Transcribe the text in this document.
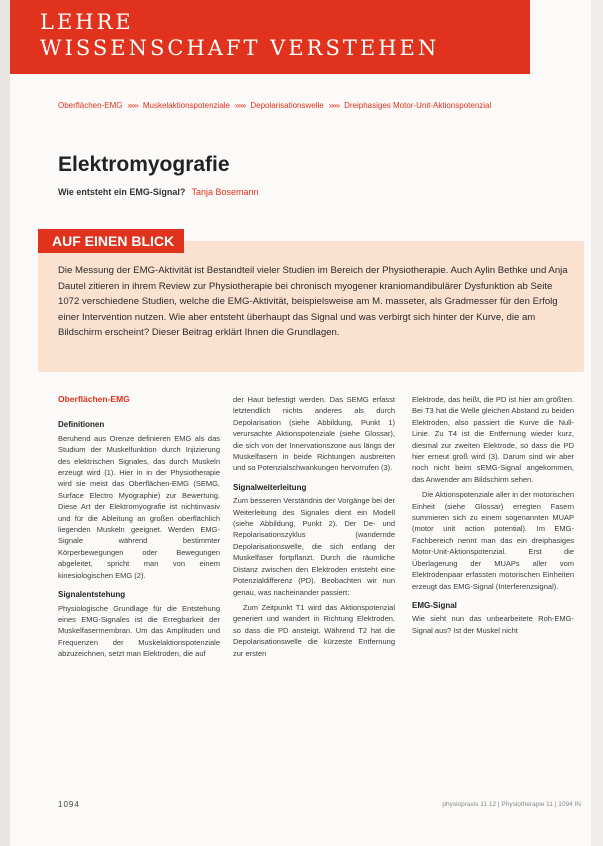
LEHRE
WISSENSCHAFT VERSTEHEN
Oberflächen-EMG »»» Muskelaktionspotenziale »»» Depolarisationswelle »»» Dreiphasiges Motor-Unit-Aktionspotenzial
Elektromyografie
Wie entsteht ein EMG-Signal? Tanja Bosemann
AUF EINEN BLICK

Die Messung der EMG-Aktivität ist Bestandteil vieler Studien im Bereich der Physiotherapie. Auch Aylin Bethke und Anja Dautel zitieren in ihrem Review zur Physiotherapie bei chronisch myogener kraniomandibulärer Dysfunktion ab Seite 1072 verschiedene Studien, welche die EMG-Aktivität, beispielsweise am M. masseter, als Gradmesser für den Erfolg einer Intervention nutzen. Wie aber entsteht überhaupt das Signal und was verbirgt sich hinter der Kurve, die am Bildschirm erscheint? Dieser Beitrag erklärt Ihnen die Grundlagen.

Oberflächen-EMG
Definitionen

Beruhend aus Orenze definieren EMG als das Studium der Muskelfunktion durch Injizierung des elektrischen Signales, das durch Muskeln erzeugt wird (1). Hier in in der Physiotherapie wird sie meist das Oberflächen-EMG (SEMG, Surface Electro Myographie) zur Bewertung. Diese Art der Elektromyografie ist nichtinvasiv und für die Ableitung an großen oberflächlich liegenden Muskeln geeignet. Werden EMG-Signale während bestimmter Körperbewegungen oder Bewegungen abgeleitet, spricht man von einem kinesiologischen EMG (2).

Signalentstehung

Physiologische Grundlage für die Entstehung eines EMG-Signales ist die Erregbarkeit der Muskelfasermembran. Um das Amplituden und Frequenzen der Muskelaktionspotenziale abzuzeichnen, setzt man Elektroden, die auf

der Haut befestigt werden. Das SEMG erfasst letztendlich nichts anderes als durch Depolarisation (siehe Abbildung, Punkt 1) verursachte Aktionspotenziale (siehe Glossar), die sich von der Innervationszone aus längs der Muskelfasern in beide Richtungen ausbreiten und so Potenzialschwankungen hervorrufen (3).

Signalweiterleitung

Zum besseren Verständnis der Vorgänge bei der Weiterleitung des Signales dient ein Modell (siehe Abbildung, Punkt 2). Der De- und Repolarisationszyklus (wandernde Depolarisationswelle, die sich entlang der Muskelfaser fortpflanzt. Durch die räumliche Distanz zwischen den Elektroden entsteht eine Potenzialdifferenz (PD). Beobachten wir nun genau, was nacheinander passiert:

Zum Zeitpunkt T1 wird das Aktionspotenzial generiert und wandert in Richtung Elektroden, so dass die PD ansteigt. Während T2 hat die Depolarisationswelle die kürzeste Entfernung zur ersten

Elektrode, das heißt, die PD ist hier am größten. Bei T3 hat die Welle gleichen Abstand zu beiden Elektroden, also passiert die Kurve die Null-Linie. Zu T4 ist die Entfernung wieder kurz, diesmal zur zweiten Elektrode, so dass die PD hier erneut groß wird (3). Darum sind wir aber noch nicht beim sEMG-Signal angekommen, das Anwender am Bildschirm sehen.

Die Aktionspotenziale aller in der motorischen Einheit (siehe Glossar) erregten Fasern summieren sich zu einem sogenannten MUAP (motor unit action potential). Im EMG-Fachbereich nennt man das ein dreiphasiges Motor-Unit-Aktionspotenzial. Erst die Überlagerung der MUAPs aller vom Elektrodenpaar erfassten motorischen Einheiten erzeugt das EMG-Signal (Interferenzsignal).

EMG-Signal

Wie sieht nun das unbearbeitete Roh-EMG-Signal aus? Ist der Muskel nicht

1094	physiopraxis 11 12 | Physiotherapie 11 | 1094 IN
